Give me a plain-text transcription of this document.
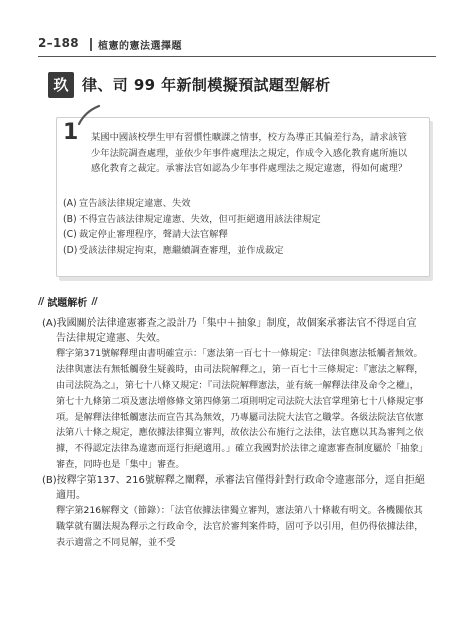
2–188 植憲的憲法選擇題
玖 律、司 99 年新制模擬預試題型解析
1 某國中國該校學生甲有習慣性曠課之情事，校方為導正其偏差行為，請求該管少年法院調查處理，並依少年事件處理法之規定，作成令入感化教育處所施以感化教育之裁定。承審法官如認為少年事件處理法之規定違憲，得如何處理？
(A) 宣告該法律規定違憲、失效
(B) 不得宣告該法律規定違憲、失效，但可拒絕適用該法律規定
(C) 裁定停止審理程序，聲請大法官解釋
(D) 受該法律規定拘束，應繼續調查審理，並作成裁定
// 試題解析 //
(A)我國關於法律違憲審查之設計乃「集中＋抽象」制度，故個案承審法官不得逕自宣告法律規定違憲、失效。
釋字第371號解釋理由書明確宣示：「憲法第一百七十一條規定：『法律與憲法牴觸者無效。法律與憲法有無牴觸發生疑義時，由司法院解釋之』，第一百七十三條規定：『憲法之解釋，由司法院為之』，第七十八條又規定：『司法院解釋憲法，並有統一解釋法律及命令之權』，第七十九條第二項及憲法增修條文第四條第二項則明定司法院大法官掌理第七十八條規定事項。是解釋法律牴觸憲法而宣告其為無效，乃專屬司法院大法官之職掌。各級法院法官依憲法第八十條之規定，應依據法律獨立審判，故依法公布施行之法律，法官應以其為審判之依據，不得認定法律為違憲而逕行拒絕適用。」確立我國對於法律之違憲審查制度屬於「抽象」審查，同時也是「集中」審查。
(B)按釋字第137、216號解釋之闡釋，承審法官僅得針對行政命令違憲部分，逕自拒絕適用。
釋字第216解釋文（節錄）：「法官依據法律獨立審判，憲法第八十條載有明文。各機關依其職掌就有關法規為釋示之行政命令，法官於審判案件時，固可予以引用，但仍得依據法律，表示適當之不同見解，並不受
